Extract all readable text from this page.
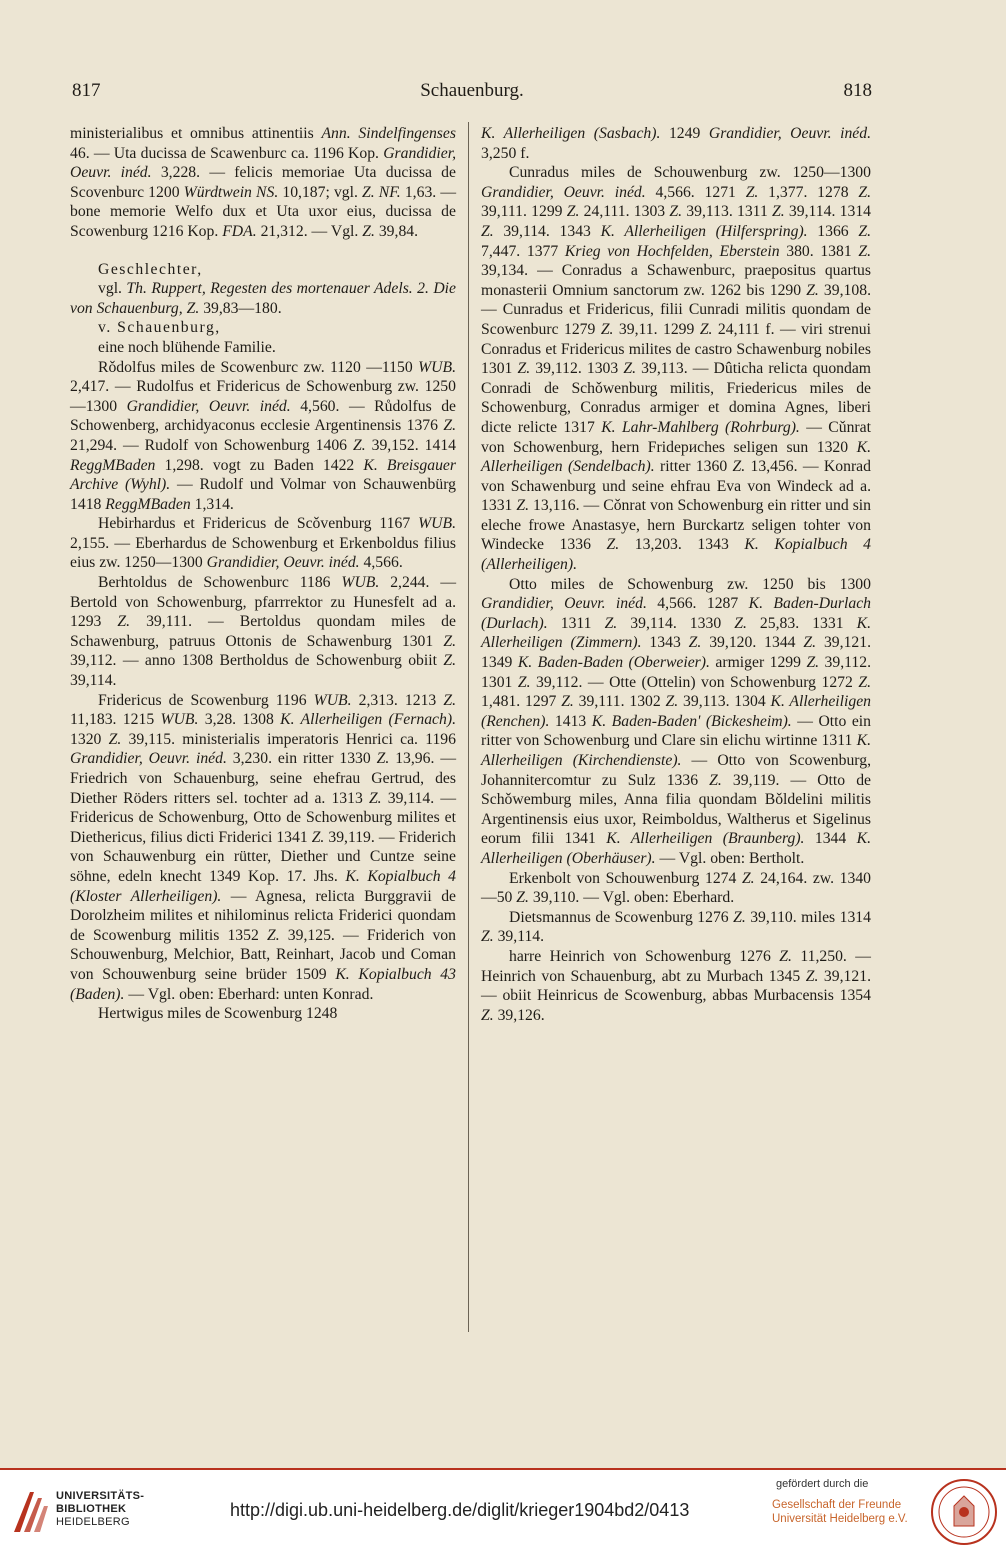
817	Schauenburg.	818

ministerialibus et omnibus attinentiis Ann. Sindelfingenses 46. — Uta ducissa de Scawenburc ca. 1196 Kop. Grandidier, Oeuvr. inéd. 3,228. — felicis memoriae Uta ducissa de Scovenburc 1200 Würdtwein NS. 10,187; vgl. Z. NF. 1,63. — bone memorie Welfo dux et Uta uxor eius, ducissa de Scowenburg 1216 Kop. FDA. 21,312. — Vgl. Z. 39,84.

Geschlechter,

vgl. Th. Ruppert, Regesten des mortenauer Adels. 2. Die von Schauenburg, Z. 39,83—180.

v. Schauenburg,

eine noch blühende Familie.

Rǒdolfus miles de Scowenburc zw. 1120 —1150 WUB. 2,417. — Rudolfus et Fridericus de Schowenburg zw. 1250—1300 Grandidier, Oeuvr. inéd. 4,560. — Růdolfus de Schowenberg, archidyaconus ecclesie Argentinensis 1376 Z. 21,294. — Rudolf von Schowenburg 1406 Z. 39,152. 1414 ReggMBaden 1,298. vogt zu Baden 1422 K. Breisgauer Archive (Wyhl). — Rudolf und Volmar von Schauwenbürg 1418 ReggMBaden 1,314.

Hebirhardus et Fridericus de Scǒvenburg 1167 WUB. 2,155. — Eberhardus de Schowenburg et Erkenboldus filius eius zw. 1250—1300 Grandidier, Oeuvr. inéd. 4,566.

Berhtoldus de Schowenburc 1186 WUB. 2,244. — Bertold von Schowenburg, pfarrrektor zu Hunesfelt ad a. 1293 Z. 39,111. — Bertoldus quondam miles de Schawenburg, patruus Ottonis de Schawenburg 1301 Z. 39,112. — anno 1308 Bertholdus de Schowenburg obiit Z. 39,114.

Fridericus de Scowenburg 1196 WUB. 2,313. 1213 Z. 11,183. 1215 WUB. 3,28. 1308 K. Allerheiligen (Fernach). 1320 Z. 39,115. ministerialis imperatoris Henrici ca. 1196 Grandidier, Oeuvr. inéd. 3,230. ein ritter 1330 Z. 13,96. — Friedrich von Schauenburg, seine ehefrau Gertrud, des Diether Röders ritters sel. tochter ad a. 1313 Z. 39,114. — Fridericus de Schowenburg, Otto de Schowenburg milites et Diethericus, filius dicti Friderici 1341 Z. 39,119. — Friderich von Schauwenburg ein rütter, Diether und Cuntze seine söhne, edeln knecht 1349 Kop. 17. Jhs. K. Kopialbuch 4 (Kloster Allerheiligen). — Agnesa, relicta Burggravii de Dorolzheim milites et nihilominus relicta Friderici quondam de Scowenburg militis 1352 Z. 39,125. — Friderich von Schouwenburg, Melchior, Batt, Reinhart, Jacob und Coman von Schouwenburg seine brüder 1509 K. Kopialbuch 43 (Baden). — Vgl. oben: Eberhard: unten Konrad.

Hertwigus miles de Scowenburg 1248

K. Allerheiligen (Sasbach). 1249 Grandidier, Oeuvr. inéd. 3,250 f.

Cunradus miles de Schouwenburg zw. 1250—1300 Grandidier, Oeuvr. inéd. 4,566. 1271 Z. 1,377. 1278 Z. 39,111. 1299 Z. 24,111. 1303 Z. 39,113. 1311 Z. 39,114. 1314 Z. 39,114. 1343 K. Allerheiligen (Hilferspring). 1366 Z. 7,447. 1377 Krieg von Hochfelden, Eberstein 380. 1381 Z. 39,134. — Conradus a Schawenburc, praepositus quartus monasterii Omnium sanctorum zw. 1262 bis 1290 Z. 39,108. — Cunradus et Fridericus, filii Cunradi militis quondam de Scowenburc 1279 Z. 39,11. 1299 Z. 24,111 f. — viri strenui Conradus et Fridericus milites de castro Schawenburg nobiles 1301 Z. 39,112. 1303 Z. 39,113. — Dûticha relicta quondam Conradi de Schǒwenburg militis, Friedericus miles de Schowenburg, Conradus armiger et domina Agnes, liberi dicte relicte 1317 K. Lahr-Mahlberg (Rohrburg). — Cǔnrat von Schowenburg, hern Fridериches seligen sun 1320 K. Allerheiligen (Sendelbach). ritter 1360 Z. 13,456. — Konrad von Schawenburg und seine ehfrau Eva von Windeck ad a. 1331 Z. 13,116. — Cǒnrat von Schowenburg ein ritter und sin eleche frowe Anastasye, hern Burckartz seligen tohter von Windecke 1336 Z. 13,203. 1343 K. Kopialbuch 4 (Allerheiligen).

Otto miles de Schowenburg zw. 1250 bis 1300 Grandidier, Oeuvr. inéd. 4,566. 1287 K. Baden-Durlach (Durlach). 1311 Z. 39,114. 1330 Z. 25,83. 1331 K. Allerheiligen (Zimmern). 1343 Z. 39,120. 1344 Z. 39,121. 1349 K. Baden-Baden (Oberweier). armiger 1299 Z. 39,112. 1301 Z. 39,112. — Otte (Ottelin) von Schowenburg 1272 Z. 1,481. 1297 Z. 39,111. 1302 Z. 39,113. 1304 K. Allerheiligen (Renchen). 1413 K. Baden-Baden' (Bickesheim). — Otto ein ritter von Schowenburg und Clare sin elichu wirtinne 1311 K. Allerheiligen (Kirchendienste). — Otto von Scowenburg, Johannitercomtur zu Sulz 1336 Z. 39,119. — Otto de Schǒwemburg miles, Anna filia quondam Bǒldelini militis Argentinensis eius uxor, Reimboldus, Waltherus et Sigelinus eorum filii 1341 K. Allerheiligen (Braunberg). 1344 K. Allerheiligen (Oberhäuser). — Vgl. oben: Bertholt.

Erkenbolt von Schouwenburg 1274 Z. 24,164. zw. 1340—50 Z. 39,110. — Vgl. oben: Eberhard.

Dietsmannus de Scowenburg 1276 Z. 39,110. miles 1314 Z. 39,114.

harre Heinrich von Schowenburg 1276 Z. 11,250. — Heinrich von Schauenburg, abt zu Murbach 1345 Z. 39,121. — obiit Heinricus de Scowenburg, abbas Murbacensis 1354 Z. 39,126.

UNIVERSITÄTS-
BIBLIOTHEK
HEIDELBERG
http://digi.ub.uni-heidelberg.de/diglit/krieger1904bd2/0413
gefördert durch die
Gesellschaft der Freunde
Universität Heidelberg e.V.
